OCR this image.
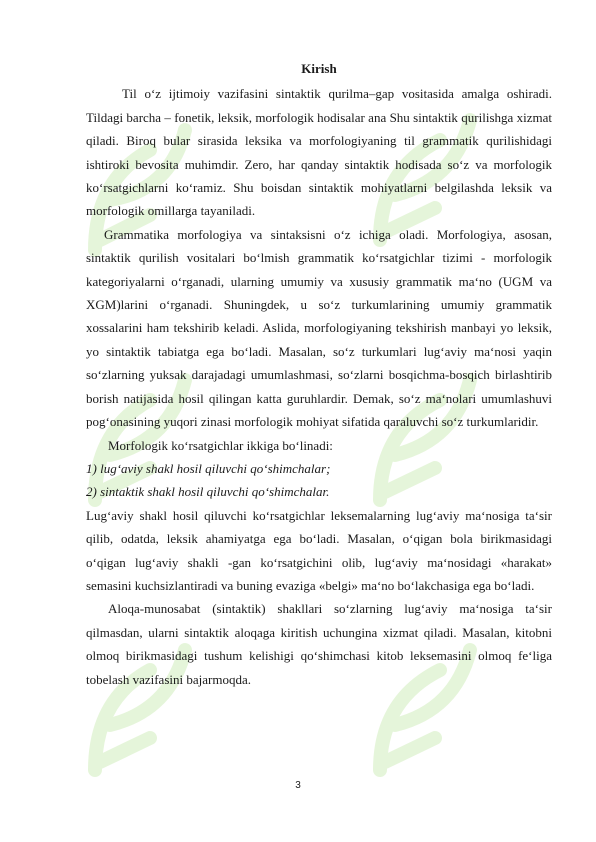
Kirish

Til o‘z ijtimoiy vazifasini sintaktik qurilma–gap vositasida amalga oshiradi. Tildagi barcha – fonetik, leksik, morfologik hodisalar ana Shu sintaktik qurilishga xizmat qiladi. Biroq bular sirasida leksika va morfologiyaning til grammatik qurilishidagi ishtiroki bevosita muhimdir. Zero, har qanday sintaktik hodisada so‘z va morfologik ko‘rsatgichlarni ko‘ramiz. Shu boisdan sintaktik mohiyatlarni belgilashda leksik va morfologik omillarga tayaniladi.

Grammatika morfologiya va sintaksisni o‘z ichiga oladi. Morfologiya, asosan, sintaktik qurilish vositalari bo‘lmish grammatik ko‘rsatgichlar tizimi - morfologik kategoriyalarni o‘rganadi, ularning umumiy va xususiy grammatik ma‘no (UGM va XGM)larini o‘rganadi. Shuningdek, u so‘z turkumlarining umumiy grammatik xossalarini ham tekshirib keladi. Aslida, morfologiyaning tekshirish manbayi yo leksik, yo sintaktik tabiatga ega bo‘ladi. Masalan, so‘z turkumlari lug‘aviy ma‘nosi yaqin so‘zlarning yuksak darajadagi umumlashmasi, so‘zlarni bosqichma-bosqich birlashtirib borish natijasida hosil qilingan katta guruhlardir. Demak, so‘z ma‘nolari umumlashuvi pog‘onasining yuqori zinasi morfologik mohiyat sifatida qaraluvchi so‘z turkumlaridir.

Morfologik ko‘rsatgichlar ikkiga bo‘linadi:

1) lug‘aviy shakl hosil qiluvchi qo‘shimchalar;

2) sintaktik shakl hosil qiluvchi qo‘shimchalar.

Lug‘aviy shakl hosil qiluvchi ko‘rsatgichlar leksemalarning lug‘aviy ma‘nosiga ta‘sir qilib, odatda, leksik ahamiyatga ega bo‘ladi. Masalan, o‘qigan bola birikmasidagi o‘qigan lug‘aviy shakli -gan ko‘rsatgichini olib, lug‘aviy ma‘nosidagi «harakat» semasini kuchsizlantiradi va buning evaziga «belgi» ma‘no bo‘lakchasiga ega bo‘ladi.

Aloqa-munosabat (sintaktik) shakllari so‘zlarning lug‘aviy ma‘nosiga ta‘sir qilmasdan, ularni sintaktik aloqaga kiritish uchungina xizmat qiladi. Masalan, kitobni olmoq birikmasidagi tushum kelishigi qo‘shimchasi kitob leksemasini olmoq fe‘liga tobelash vazifasini bajarmoqda.

3
